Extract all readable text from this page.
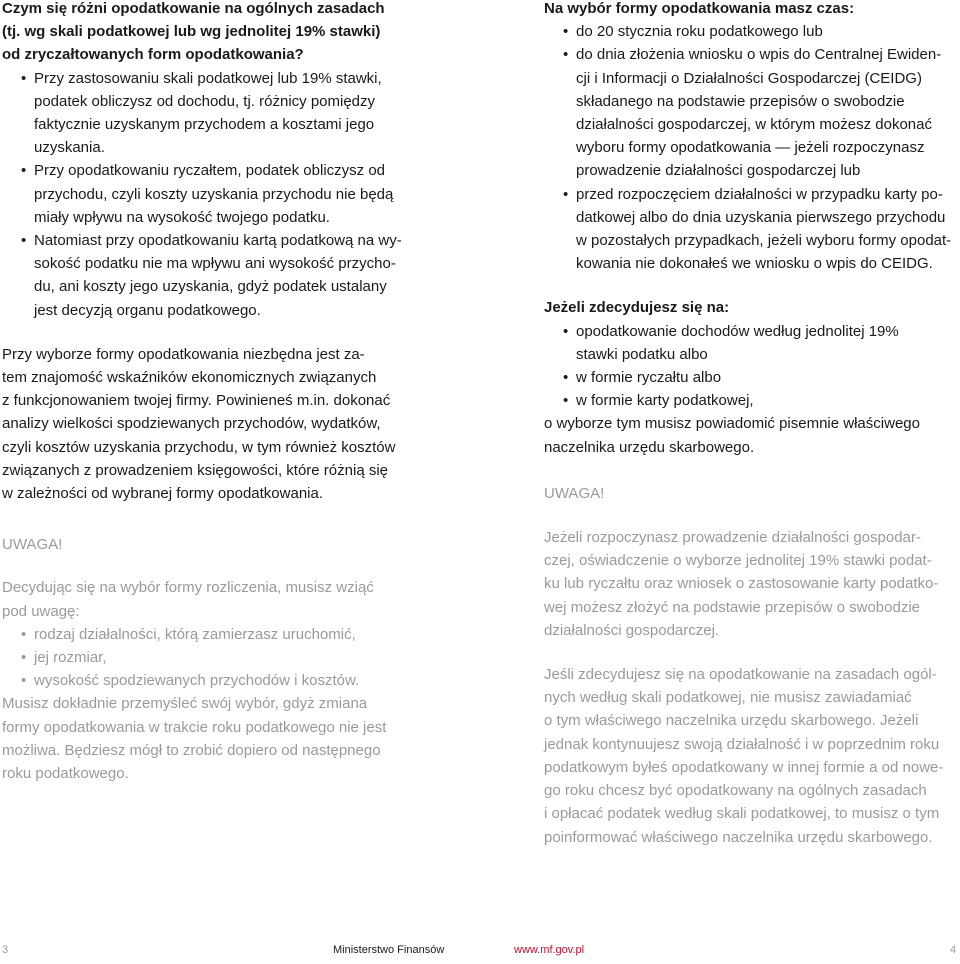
Czym się różni opodatkowanie na ogólnych zasadach
(tj. wg skali podatkowej lub wg jednolitej 19% stawki)
od zryczałtowanych form opodatkowania?

• Przy zastosowaniu skali podatkowej lub 19% stawki,
podatek obliczysz od dochodu, tj. różnicy pomiędzy
faktycznie uzyskanym przychodem a kosztami jego
uzyskania.
• Przy opodatkowaniu ryczałtem, podatek obliczysz od
przychodu, czyli koszty uzyskania przychodu nie będą
miały wpływu na wysokość twojego podatku.
• Natomiast przy opodatkowaniu kartą podatkową na wy-
sokość podatku nie ma wpływu ani wysokość przycho-
du, ani koszty jego uzyskania, gdyż podatek ustalany
jest decyzją organu podatkowego.

Przy wyborze formy opodatkowania niezbędna jest za-
tem znajomość wskaźników ekonomicznych związanych
z funkcjonowaniem twojej firmy. Powinieneś m.in. dokonać
analizy wielkości spodziewanych przychodów, wydatków,
czyli kosztów uzyskania przychodu, w tym również kosztów
związanych z prowadzeniem księgowości, które różnią się
w zależności od wybranej formy opodatkowania.

UWAGA!

Decydując się na wybór formy rozliczenia, musisz wziąć
pod uwagę:

• rodzaj działalności, którą zamierzasz uruchomić,
• jej rozmiar,
• wysokość spodziewanych przychodów i kosztów.

Musisz dokładnie przemyśleć swój wybór, gdyż zmiana
formy opodatkowania w trakcie roku podatkowego nie jest
możliwa. Będziesz mógł to zrobić dopiero od następnego
roku podatkowego.

Na wybór formy opodatkowania masz czas:

• do 20 stycznia roku podatkowego lub
• do dnia złożenia wniosku o wpis do Centralnej Ewiden-
cji i Informacji o Działalności Gospodarczej (CEIDG)
składanego na podstawie przepisów o swobodzie
działalności gospodarczej, w którym możesz dokonać
wyboru formy opodatkowania — jeżeli rozpoczynasz
prowadzenie działalności gospodarczej lub
• przed rozpoczęciem działalności w przypadku karty po-
datkowej albo do dnia uzyskania pierwszego przychodu
w pozostałych przypadkach, jeżeli wyboru formy opodat-
kowania nie dokonałeś we wniosku o wpis do CEIDG.

Jeżeli zdecydujesz się na:

• opodatkowanie dochodów według jednolitej 19%
stawki podatku albo
• w formie ryczałtu albo
• w formie karty podatkowej,

o wyborze tym musisz powiadomić pisemnie właściwego
naczelnika urzędu skarbowego.

UWAGA!

Jeżeli rozpoczynasz prowadzenie działalności gospodar-
czej, oświadczenie o wyborze jednolitej 19% stawki podat-
ku lub ryczałtu oraz wniosek o zastosowanie karty podatko-
wej możesz złożyć na podstawie przepisów o swobodzie
działalności gospodarczej.

Jeśli zdecydujesz się na opodatkowanie na zasadach ogól-
nych według skali podatkowej, nie musisz zawiadamiać
o tym właściwego naczelnika urzędu skarbowego. Jeżeli
jednak kontynuujesz swoją działalność i w poprzednim roku
podatkowym byłeś opodatkowany w innej formie a od nowe-
go roku chcesz być opodatkowany na ogólnych zasadach
i opłacać podatek według skali podatkowej, to musisz o tym
poinformować właściwego naczelnika urzędu skarbowego.

3	Ministerstwo Finansów	www.mf.gov.pl	4
